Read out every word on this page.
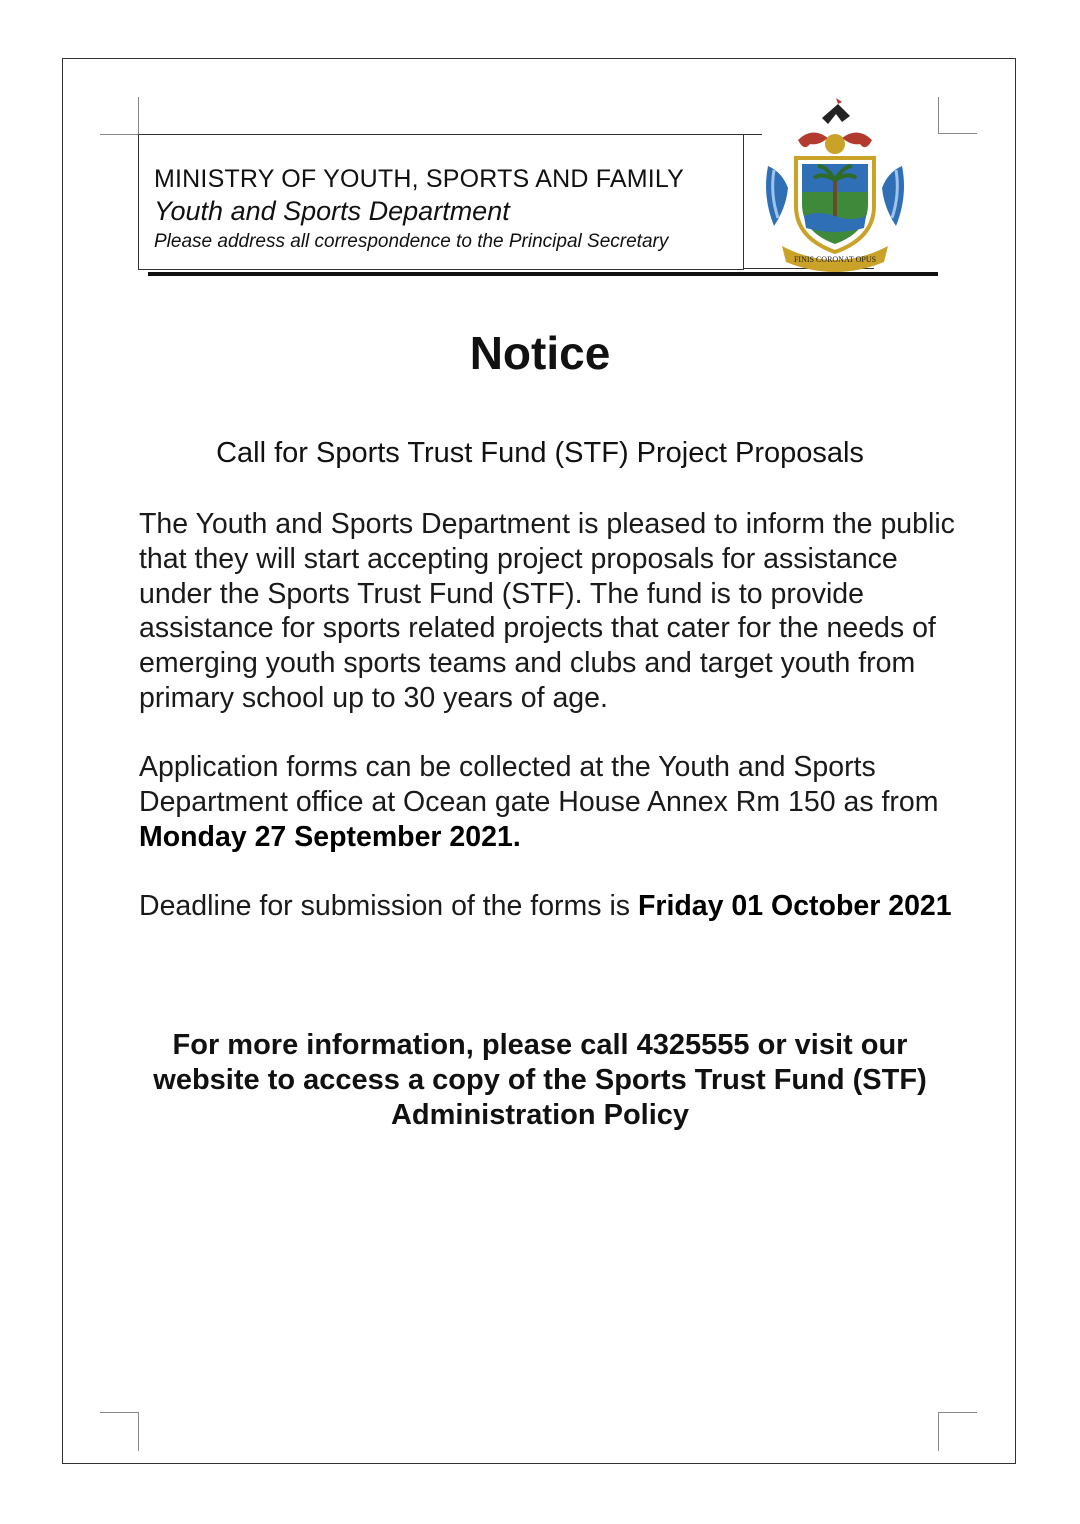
MINISTRY OF YOUTH, SPORTS AND FAMILY
Youth and Sports Department
Please address all correspondence to the Principal Secretary
FINIS CORONAT OPUS
Notice
Call for Sports Trust Fund (STF) Project Proposals
The Youth and Sports Department is pleased to inform the public that they will start accepting project proposals for assistance under the Sports Trust Fund (STF). The fund is to provide assistance for sports related projects that cater for the needs of emerging youth sports teams and clubs and target youth from primary school up to 30 years of age.
Application forms can be collected at the Youth and Sports Department office at Ocean gate House Annex Rm 150 as from Monday 27 September 2021.
Deadline for submission of the forms is Friday 01 October 2021
For more information, please call 4325555 or visit our website to access a copy of the Sports Trust Fund (STF) Administration Policy
